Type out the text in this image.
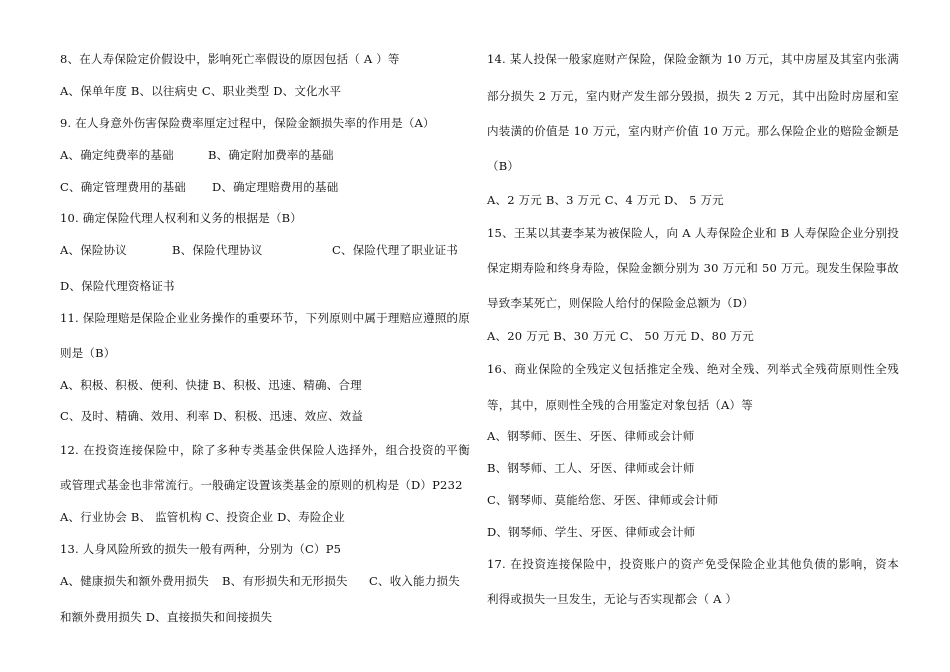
8、在人寿保险定价假设中，影响死亡率假设的原因包括（ A ）等
A、保单年度 B、以往病史 C、职业类型 D、文化水平
9. 在人身意外伤害保险费率厘定过程中，保险金额损失率的作用是（A）
A、确定纯费率的基础	B、确定附加费率的基础
C、确定管理费用的基础 D、确定理赔费用的基础
10. 确定保险代理人权利和义务的根据是（B）
A、保险协议	B、保险代理协议	C、保险代理了职业证书
D、保险代理资格证书
11. 保险理赔是保险企业业务操作的重要环节，下列原则中属于理赔应遵照的原
则是（B）
A、积极、积极、便利、快捷 B、积极、迅速、精确、合理
C、及时、精确、效用、利率 D、积极、迅速、效应、效益
12. 在投资连接保险中，除了多种专类基金供保险人选择外，组合投资的平衡
或管理式基金也非常流行。一般确定设置该类基金的原则的机构是（D）P232
A、行业协会 B、 监管机构 C、投资企业 D、寿险企业
13. 人身风险所致的损失一般有两种，分别为（C）P5
A、健康损失和额外费用损失 B、有形损失和无形损失 C、收入能力损失
和额外费用损失 D、直接损失和间接损失
14. 某人投保一般家庭财产保险，保险金额为 10 万元，其中房屋及其室内张满
部分损失 2 万元，室内财产发生部分毁损，损失 2 万元，其中出险时房屋和室
内装潢的价值是 10 万元，室内财产价值 10 万元。那么保险企业的赔险金额是
（B）
A、2 万元 B、3 万元 C、4 万元 D、 5 万元
15、王某以其妻李某为被保险人，向 A 人寿保险企业和 B 人寿保险企业分别投
保定期寿险和终身寿险，保险金额分别为 30 万元和 50 万元。现发生保险事故
导致李某死亡，则保险人给付的保险金总额为（D）
A、20 万元 B、30 万元 C、 50 万元 D、80 万元
16、商业保险的全残定义包括推定全残、绝对全残、列举式全残荷原则性全残
等，其中，原则性全残的合用鉴定对象包括（A）等
A、钢琴师、医生、牙医、律师或会计师
B、钢琴师、工人、牙医、律师或会计师
C、钢琴师、莫能给您、牙医、律师或会计师
D、钢琴师、学生、牙医、律师或会计师
17. 在投资连接保险中，投资账户的资产免受保险企业其他负债的影响，资本
利得或损失一旦发生，无论与否实现都会（ A ）
